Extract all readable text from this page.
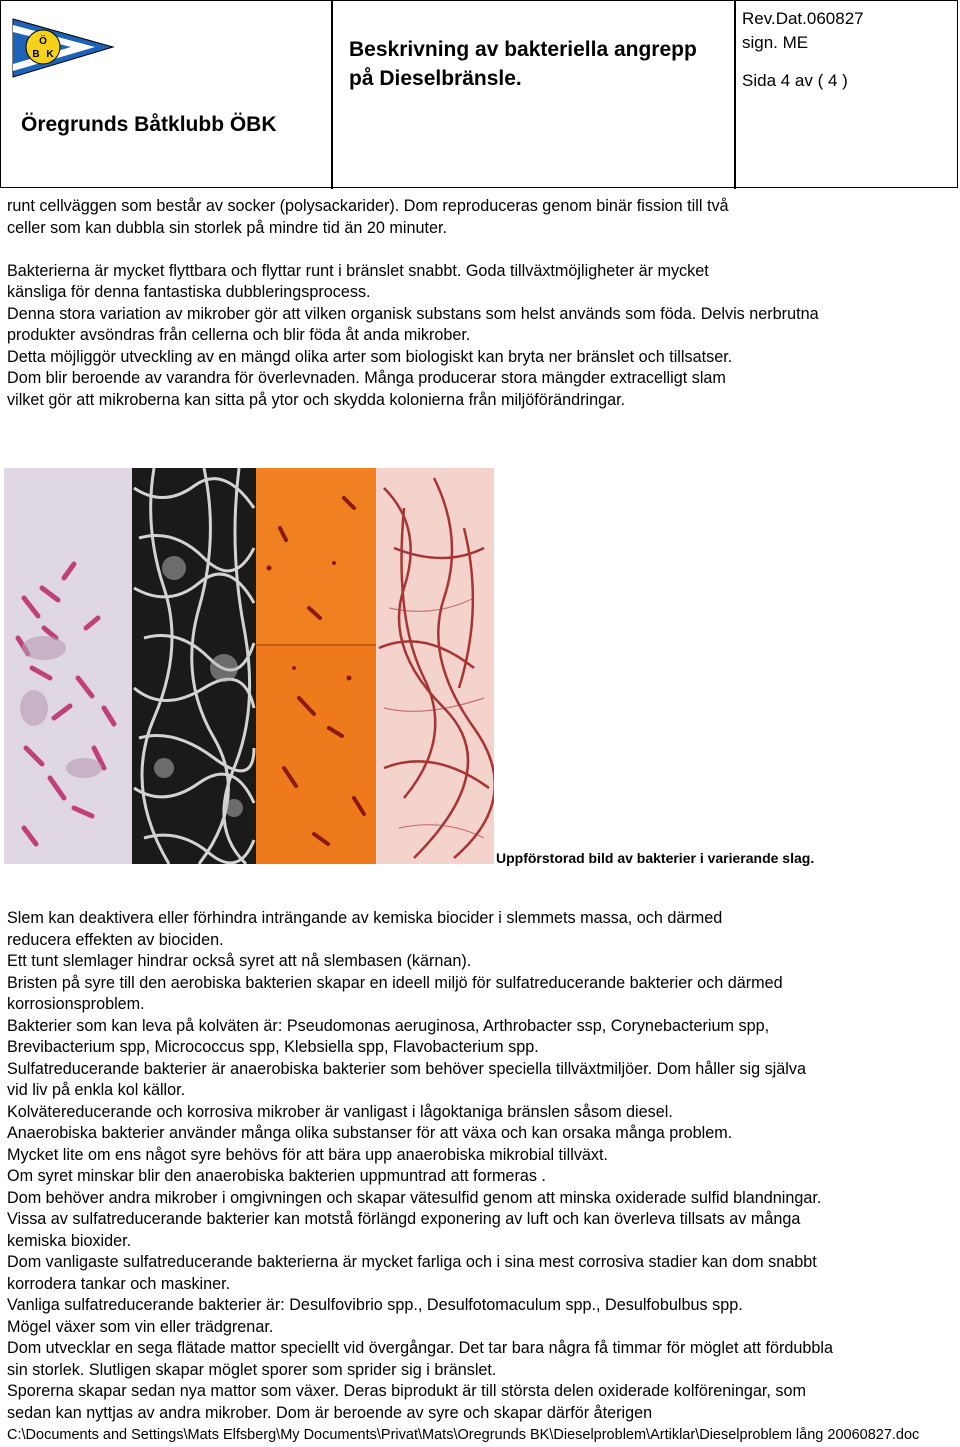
Ö
B K
Öregrunds Båtklubb ÖBK
Beskrivning av bakteriella angrepp
på Dieselbränsle.
Rev.Dat.060827
sign. ME
Sida 4 av ( 4 )

runt cellväggen som består av socker (polysackarider). Dom reproduceras genom binär fission till två

celler som kan dubbla sin storlek på mindre tid än 20 minuter.

Bakterierna är mycket flyttbara och flyttar runt i bränslet snabbt. Goda tillväxtmöjligheter är mycket

känsliga för denna fantastiska dubbleringsprocess.

Denna stora variation av mikrober gör att vilken organisk substans som helst används som föda. Delvis nerbrutna

produkter avsöndras från cellerna och blir föda åt anda mikrober.

Detta möjliggör utveckling av en mängd olika arter som biologiskt kan bryta ner bränslet och tillsatser.

Dom blir beroende av varandra för överlevnaden. Många producerar stora mängder extracelligt slam

vilket gör att mikroberna kan sitta på ytor och skydda kolonierna från miljöförändringar.

Uppförstorad bild av bakterier i varierande slag.

Slem kan deaktivera eller förhindra inträngande av kemiska biocider i slemmets massa, och därmed

reducera effekten av biociden.

Ett tunt slemlager hindrar också syret att nå slembasen (kärnan).

Bristen på syre till den aerobiska bakterien skapar en ideell miljö för sulfatreducerande bakterier och därmed

korrosionsproblem.

Bakterier som kan leva på kolväten är: Pseudomonas aeruginosa, Arthrobacter ssp, Corynebacterium spp,

Brevibacterium spp, Micrococcus spp, Klebsiella spp, Flavobacterium spp.

Sulfatreducerande bakterier är anaerobiska bakterier som behöver speciella tillväxtmiljöer. Dom håller sig själva

vid liv på enkla kol källor.

Kolvätereducerande och korrosiva mikrober är vanligast i lågoktaniga bränslen såsom diesel.

Anaerobiska bakterier använder många olika substanser för att växa och kan orsaka många problem.

Mycket lite om ens något syre behövs för att bära upp anaerobiska mikrobial tillväxt.

Om syret minskar blir den anaerobiska bakterien uppmuntrad att formeras .

Dom behöver andra mikrober i omgivningen och skapar vätesulfid genom att minska oxiderade sulfid blandningar.

Vissa av sulfatreducerande bakterier kan motstå förlängd exponering av luft och kan överleva tillsats av många

kemiska bioxider.

Dom vanligaste sulfatreducerande bakterierna är mycket farliga och i sina mest corrosiva stadier kan dom snabbt

korrodera tankar och maskiner.

Vanliga sulfatreducerande bakterier är: Desulfovibrio spp., Desulfotomaculum spp., Desulfobulbus spp.

Mögel växer som vin eller trädgrenar.

Dom utvecklar en sega flätade mattor speciellt vid övergångar. Det tar bara några få timmar för möglet att fördubbla

sin storlek. Slutligen skapar möglet sporer som sprider sig i bränslet.

Sporerna skapar sedan nya mattor som växer. Deras biprodukt är till största delen oxiderade kolföreningar, som

sedan kan nyttjas av andra mikrober. Dom är beroende av syre och skapar därför återigen

C:\Documents and Settings\Mats Elfsberg\My Documents\Privat\Mats\Oregrunds BK\Dieselproblem\Artiklar\Dieselproblem lång 20060827.doc
